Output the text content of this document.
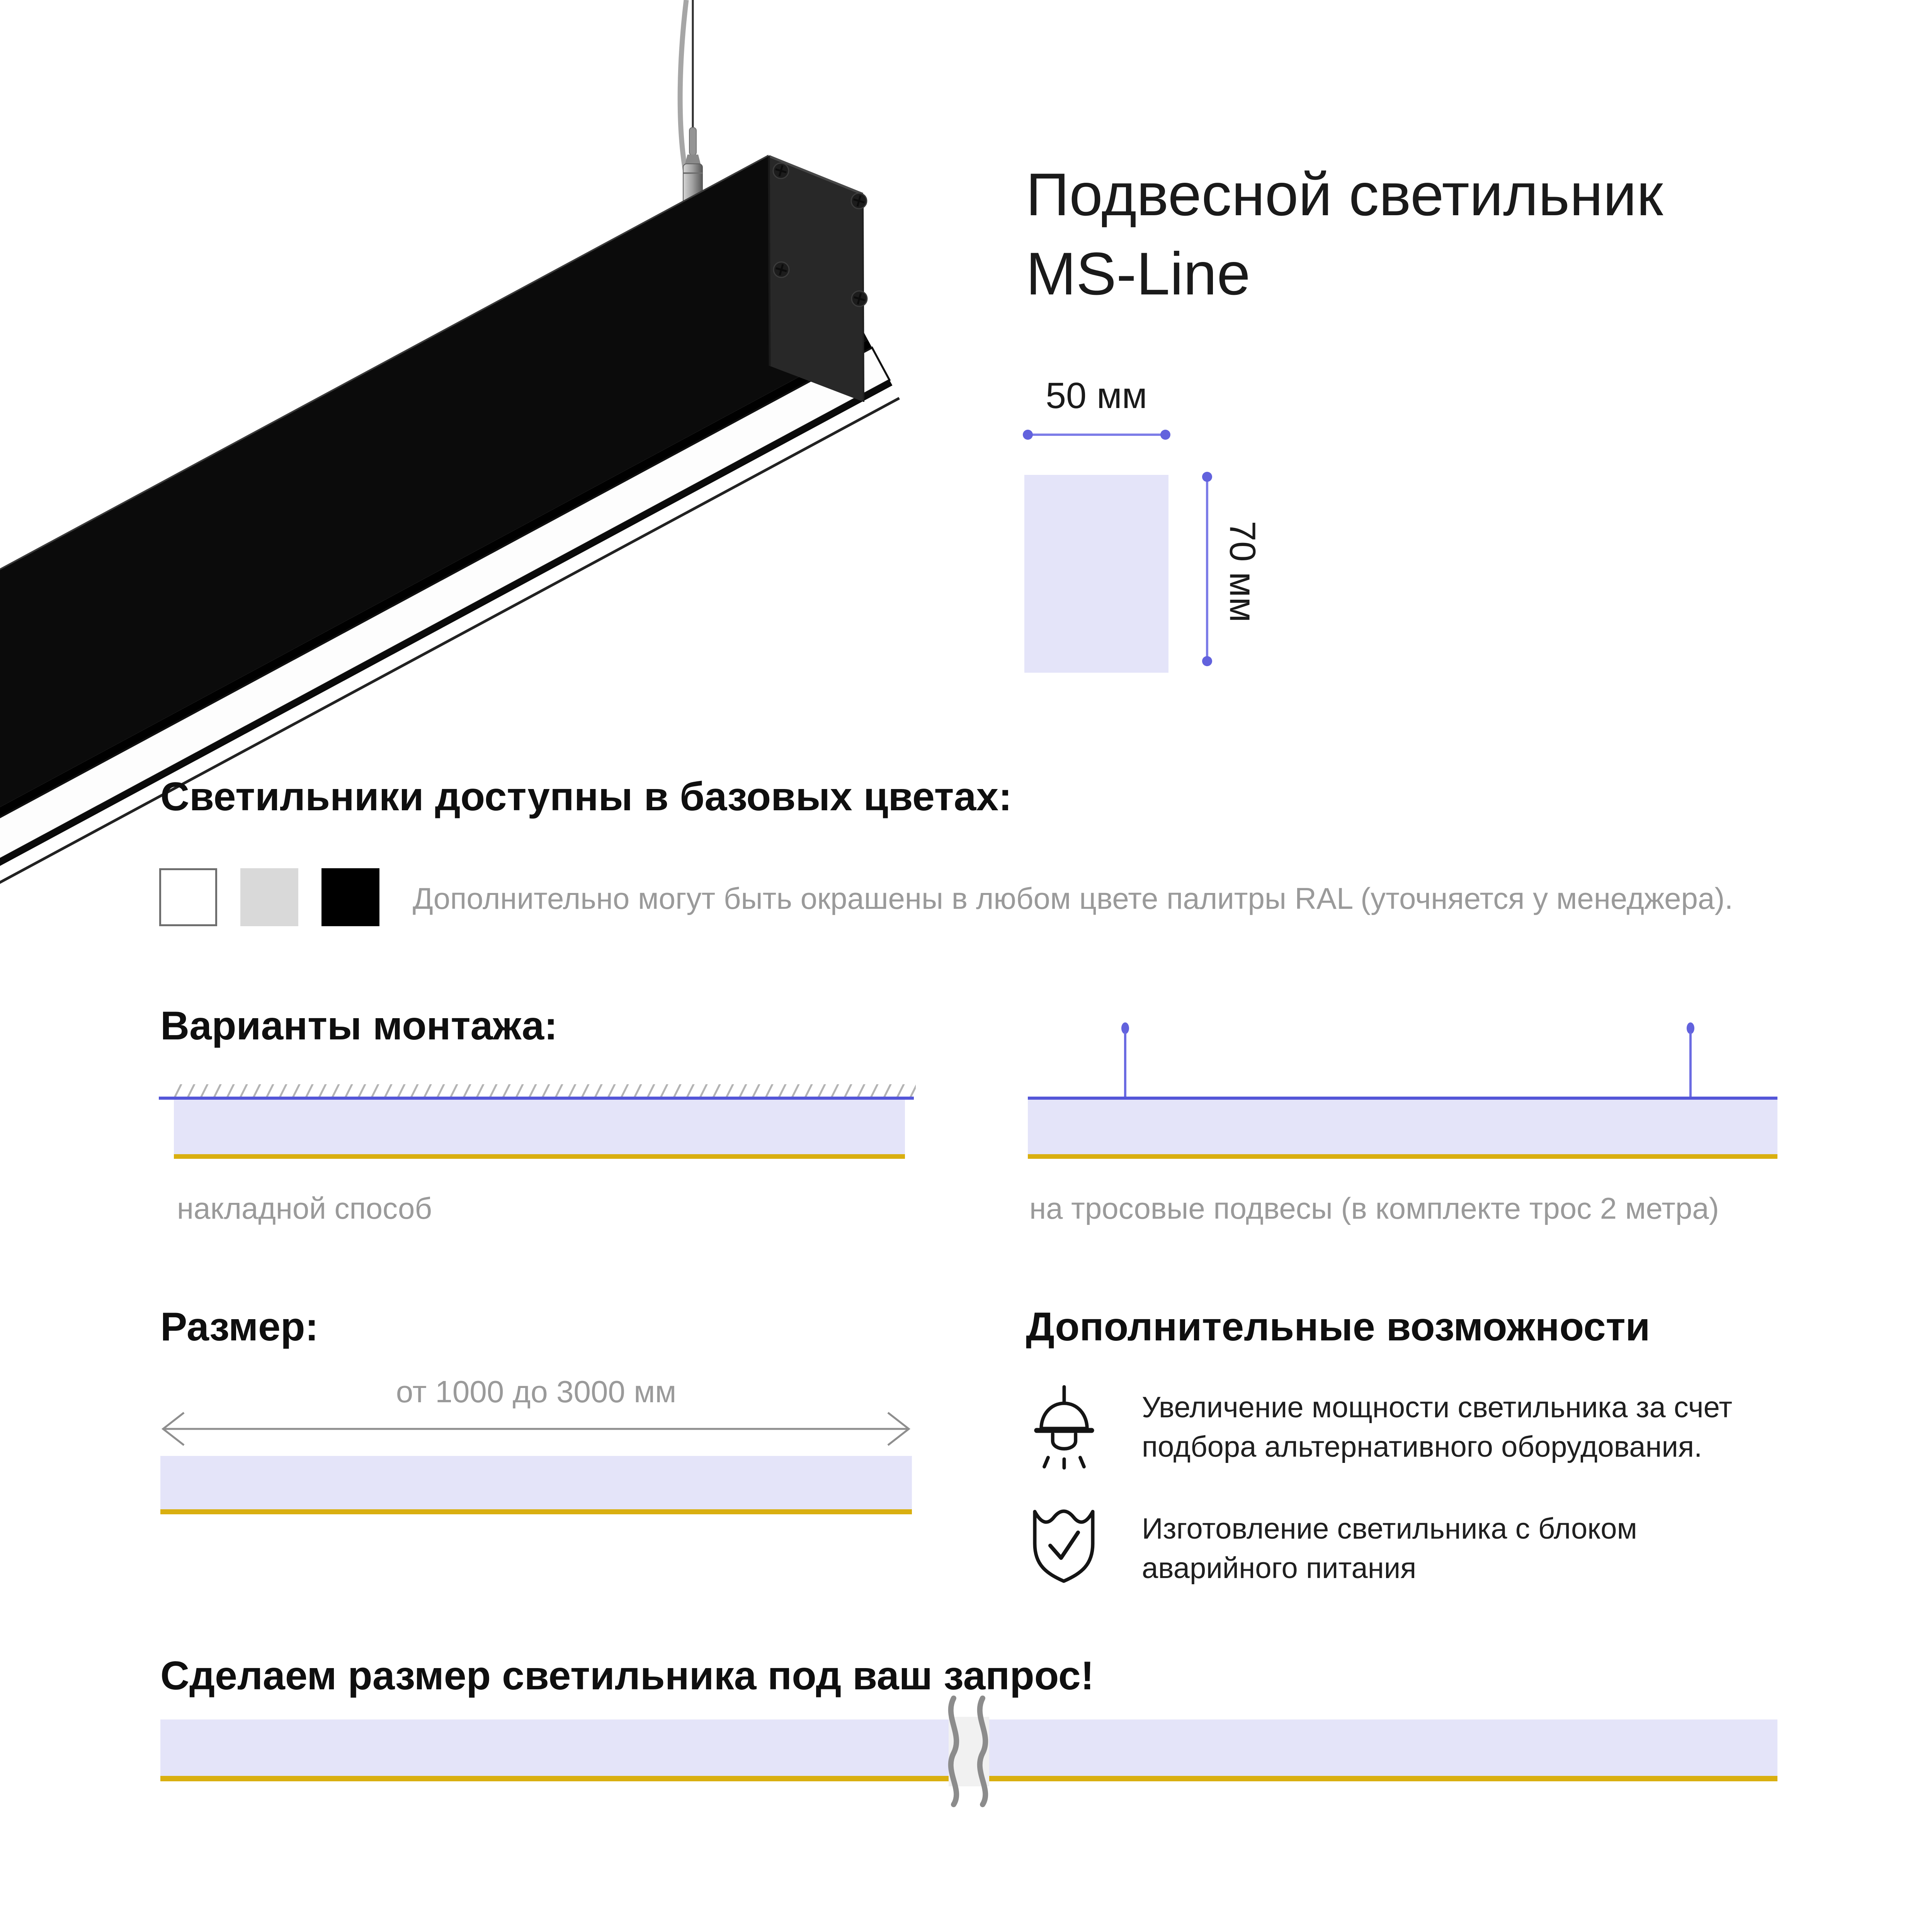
Подвесной светильник
MS-Line
50 мм
70 мм
Светильники доступны в базовых цветах:
Дополнительно могут быть окрашены в любом цвете палитры RAL (уточняется у менеджера).
Варианты монтажа:
накладной способ	на тросовые подвесы (в комплекте трос 2 метра)
Размер:
от 1000 до 3000 мм
Дополнительные возможности
Увеличение мощности светильника за счет подбора альтернативного оборудования.
Изготовление светильника с блоком аварийного питания
Сделаем размер светильника под ваш запрос!
